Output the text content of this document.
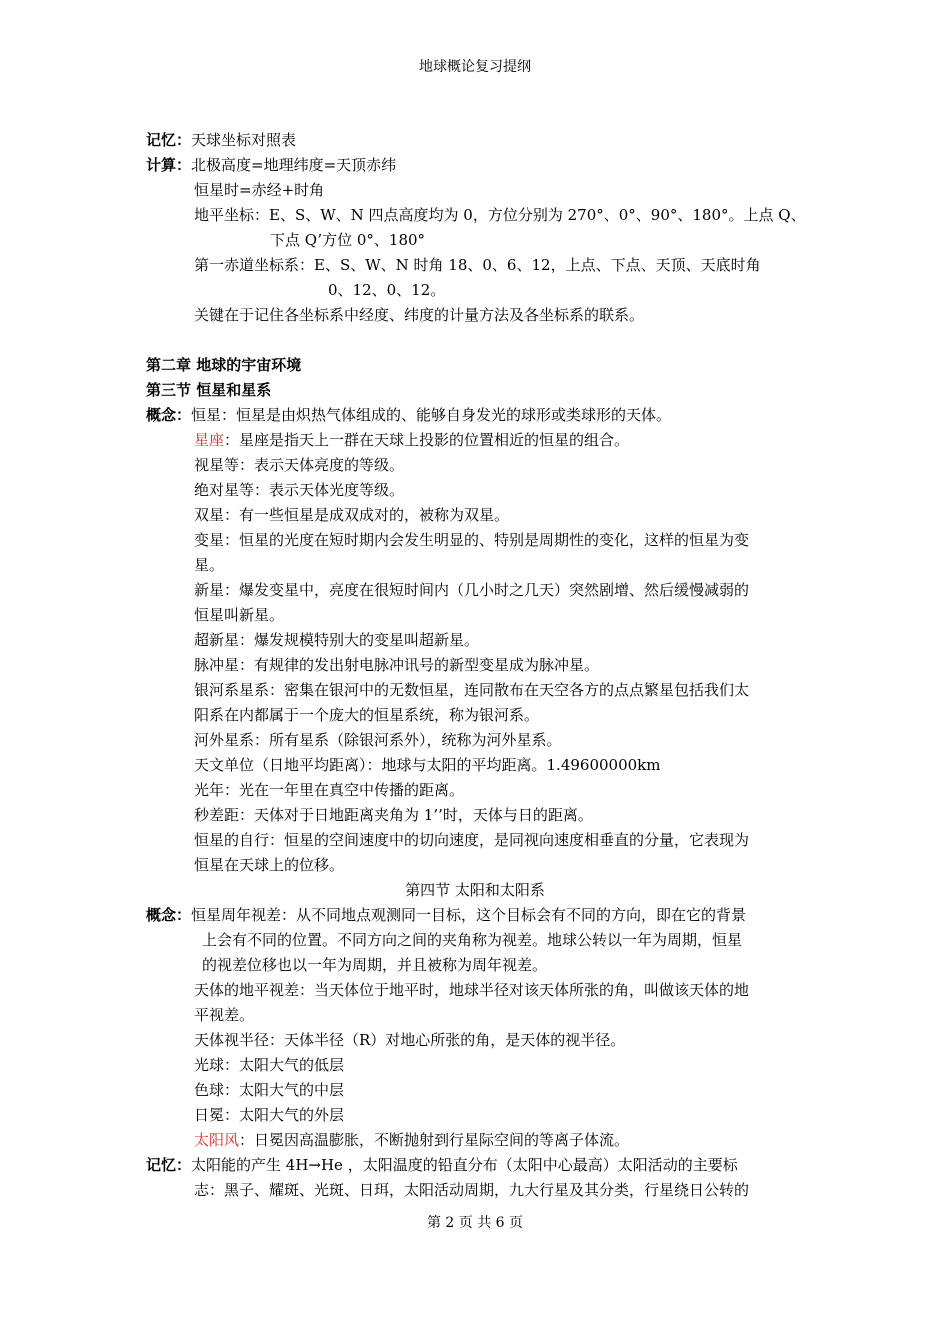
地球概论复习提纲
记忆：天球坐标对照表
计算：北极高度=地理纬度=天顶赤纬
恒星时=赤经+时角
地平坐标：E、S、W、N 四点高度均为 0，方位分别为 270°、0°、90°、180°。上点 Q、
下点 Q’方位 0°、180°
第一赤道坐标系：E、S、W、N 时角 18、0、6、12，上点、下点、天顶、天底时角
0、12、0、12。
关键在于记住各坐标系中经度、纬度的计量方法及各坐标系的联系。
第二章 地球的宇宙环境
第三节 恒星和星系
概念：恒星：恒星是由炽热气体组成的、能够自身发光的球形或类球形的天体。
星座：星座是指天上一群在天球上投影的位置相近的恒星的组合。
视星等：表示天体亮度的等级。
绝对星等：表示天体光度等级。
双星：有一些恒星是成双成对的，被称为双星。
变星：恒星的光度在短时期内会发生明显的、特别是周期性的变化，这样的恒星为变
星。
新星：爆发变星中，亮度在很短时间内（几小时之几天）突然剧增、然后缓慢减弱的
恒星叫新星。
超新星：爆发规模特别大的变星叫超新星。
脉冲星：有规律的发出射电脉冲讯号的新型变星成为脉冲星。
银河系星系：密集在银河中的无数恒星，连同散布在天空各方的点点繁星包括我们太
阳系在内都属于一个庞大的恒星系统，称为银河系。
河外星系：所有星系（除银河系外），统称为河外星系。
天文单位（日地平均距离）：地球与太阳的平均距离。1.49600000km
光年：光在一年里在真空中传播的距离。
秒差距：天体对于日地距离夹角为 1’’时，天体与日的距离。
恒星的自行：恒星的空间速度中的切向速度，是同视向速度相垂直的分量，它表现为
恒星在天球上的位移。
第四节 太阳和太阳系
概念：恒星周年视差：从不同地点观测同一目标，这个目标会有不同的方向，即在它的背景
上会有不同的位置。不同方向之间的夹角称为视差。地球公转以一年为周期，恒星
的视差位移也以一年为周期，并且被称为周年视差。
天体的地平视差：当天体位于地平时，地球半径对该天体所张的角，叫做该天体的地
平视差。
天体视半径：天体半径（R）对地心所张的角，是天体的视半径。
光球：太阳大气的低层
色球：太阳大气的中层
日冕：太阳大气的外层
太阳风：日冕因高温膨胀，不断抛射到行星际空间的等离子体流。
记忆：太阳能的产生 4H→He ，太阳温度的铅直分布（太阳中心最高）太阳活动的主要标
志：黑子、耀斑、光斑、日珥，太阳活动周期，九大行星及其分类，行星绕日公转的
第 2 页 共 6 页
